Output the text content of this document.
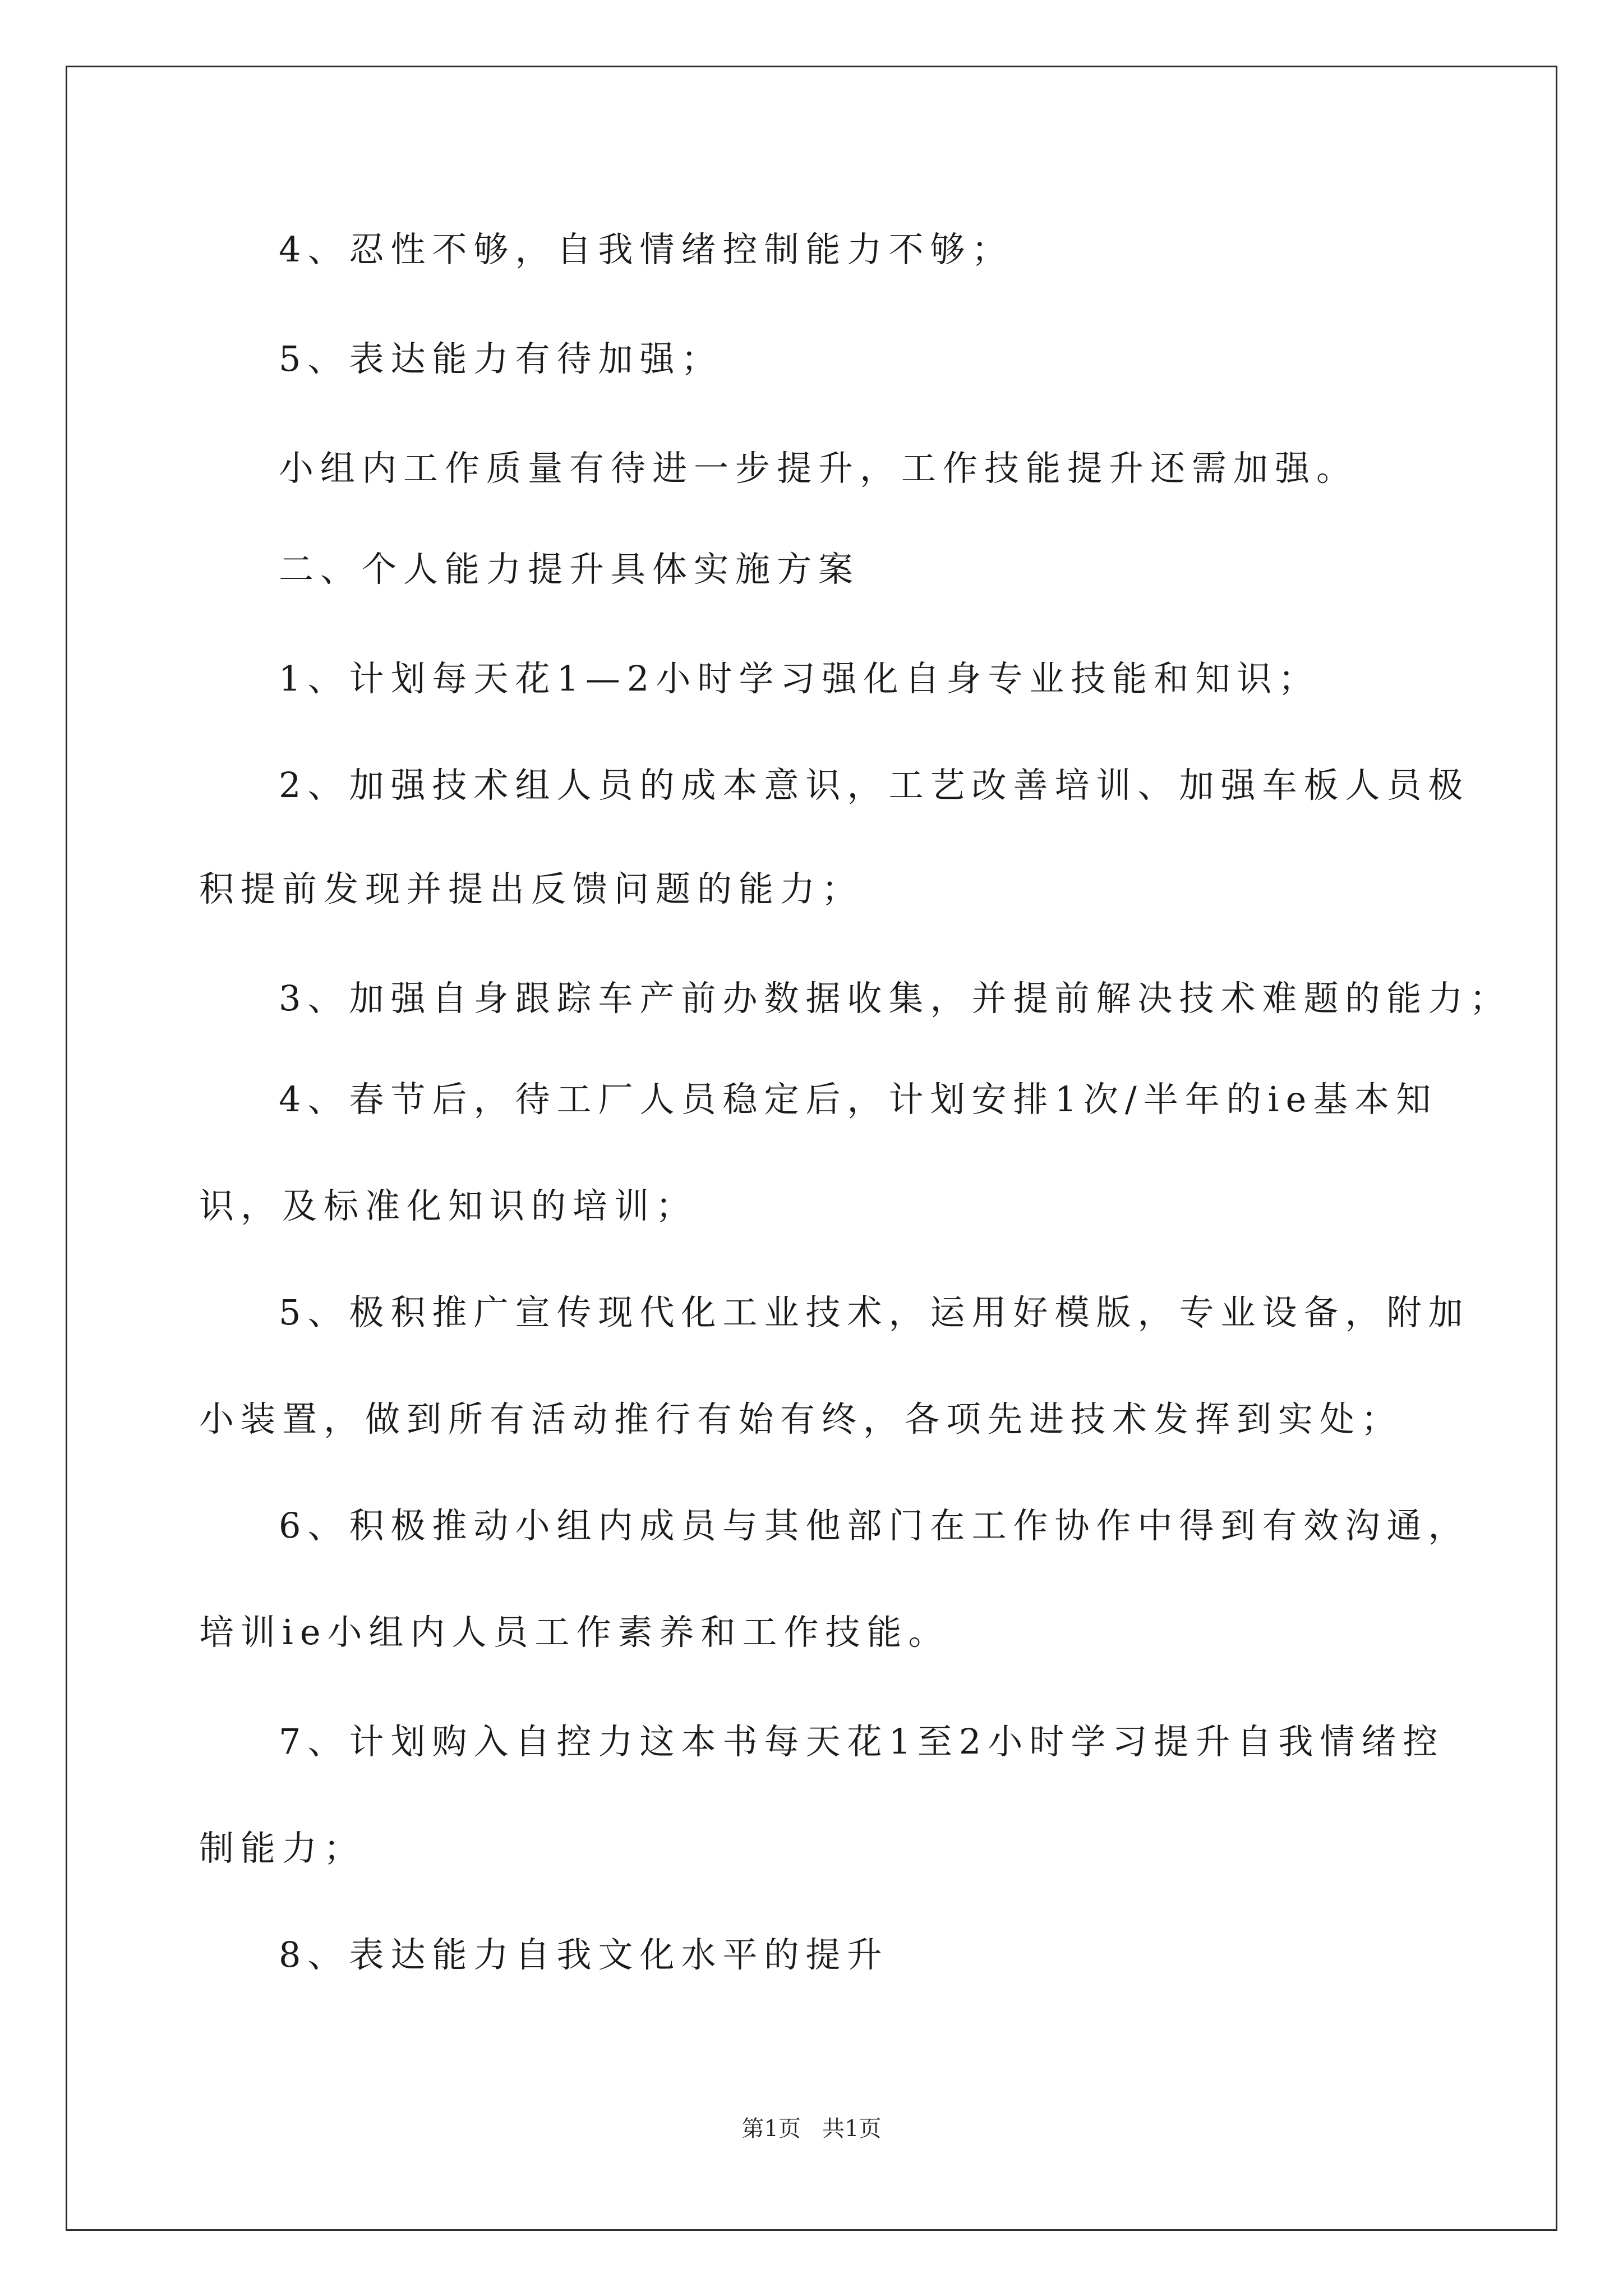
4、忍性不够，自我情绪控制能力不够；
5、表达能力有待加强；
小组内工作质量有待进一步提升，工作技能提升还需加强。
二、个人能力提升具体实施方案
1、计划每天花1—2小时学习强化自身专业技能和知识；
2、加强技术组人员的成本意识，工艺改善培训、加强车板人员极
积提前发现并提出反馈问题的能力；
3、加强自身跟踪车产前办数据收集，并提前解决技术难题的能力；
4、春节后，待工厂人员稳定后，计划安排1次/半年的ie基本知
识，及标准化知识的培训；
5、极积推广宣传现代化工业技术，运用好模版，专业设备，附加
小装置，做到所有活动推行有始有终，各项先进技术发挥到实处；
6、积极推动小组内成员与其他部门在工作协作中得到有效沟通，
培训ie小组内人员工作素养和工作技能。
7、计划购入自控力这本书每天花1至2小时学习提升自我情绪控
制能力；
8、表达能力自我文化水平的提升
第1页   共1页
